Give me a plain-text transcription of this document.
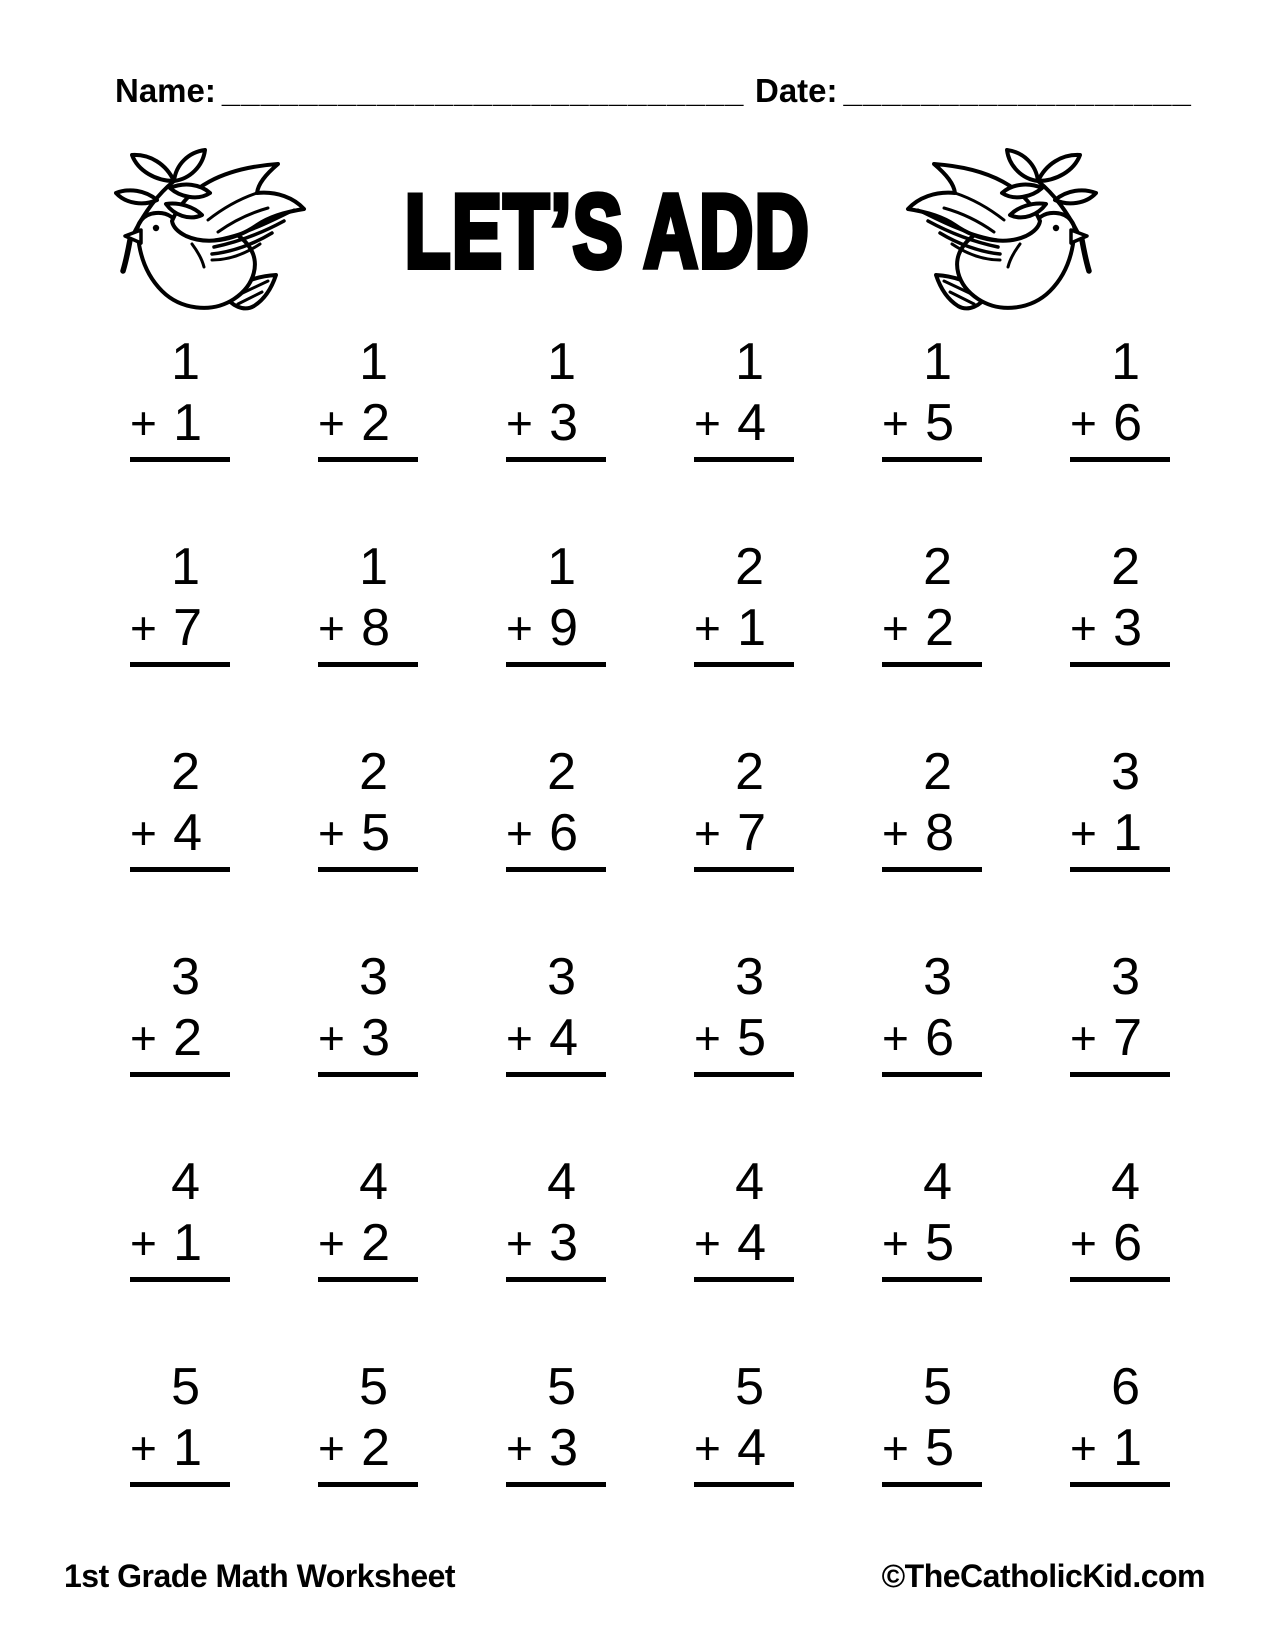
Name: ___________________________ Date: __________________
LET’S ADD
1
+ 1
1
+ 2
1
+ 3
1
+ 4
1
+ 5
1
+ 6
1
+ 7
1
+ 8
1
+ 9
2
+ 1
2
+ 2
2
+ 3
2
+ 4
2
+ 5
2
+ 6
2
+ 7
2
+ 8
3
+ 1
3
+ 2
3
+ 3
3
+ 4
3
+ 5
3
+ 6
3
+ 7
4
+ 1
4
+ 2
4
+ 3
4
+ 4
4
+ 5
4
+ 6
5
+ 1
5
+ 2
5
+ 3
5
+ 4
5
+ 5
6
+ 1
1st Grade Math Worksheet	©TheCatholicKid.com
